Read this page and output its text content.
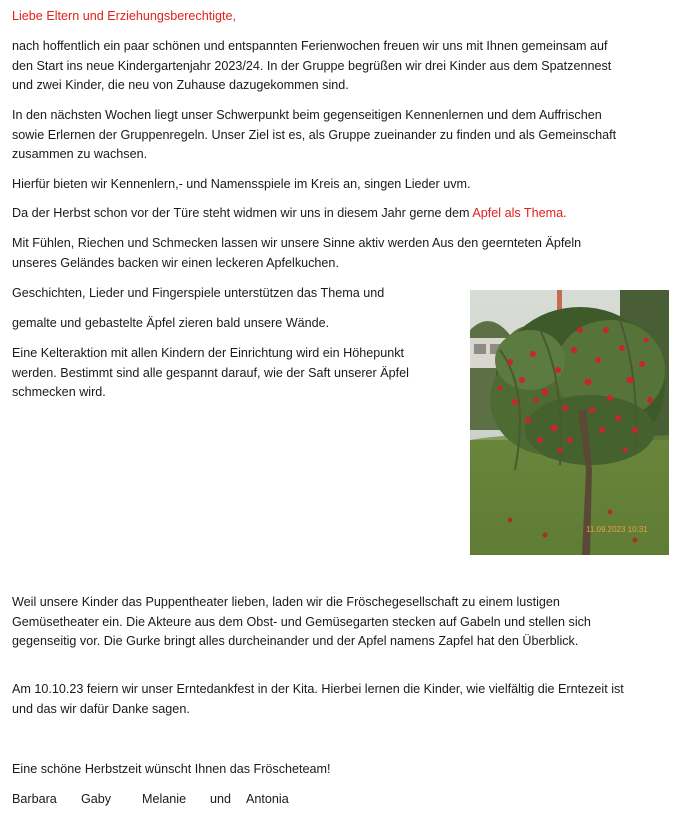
Liebe Eltern und Erziehungsberechtigte,

nach hoffentlich ein paar schönen und entspannten Ferienwochen freuen wir uns mit Ihnen gemeinsam auf den Start ins neue Kindergartenjahr 2023/24. In der Gruppe begrüßen wir drei Kinder aus dem Spatzennest und zwei Kinder, die neu von Zuhause dazugekommen sind.

In den nächsten Wochen liegt unser Schwerpunkt beim gegenseitigen Kennenlernen und dem Auffrischen sowie Erlernen der Gruppenregeln. Unser Ziel ist es, als Gruppe zueinander zu finden und als Gemeinschaft zusammen zu wachsen.

Hierfür bieten wir Kennenlern,- und Namensspiele im Kreis an, singen Lieder uvm.

Da der Herbst schon vor der Türe steht widmen wir uns in diesem Jahr gerne dem Apfel als Thema.

Mit Fühlen, Riechen und Schmecken lassen wir unsere Sinne aktiv werden Aus den geernteten Äpfeln unseres Geländes backen wir einen leckeren Apfelkuchen.

Geschichten, Lieder und Fingerspiele unterstützen das Thema und

gemalte und gebastelte Äpfel zieren bald unsere Wände.

Eine Kelteraktion mit allen Kindern der Einrichtung wird ein Höhepunkt werden. Bestimmt sind alle gespannt darauf, wie der Saft unserer Äpfel schmecken wird.

11.09.2023 10:31

Weil unsere Kinder das Puppentheater lieben, laden wir die Fröschegesellschaft zu einem lustigen Gemüsetheater ein. Die Akteure aus dem Obst- und Gemüsegarten stecken auf Gabeln und stellen sich gegenseitig vor. Die Gurke bringt alles durcheinander und der Apfel namens Zapfel hat den Überblick.

Am 10.10.23 feiern wir unser Erntedankfest in der Kita. Hierbei lernen die Kinder, wie vielfältig die Erntezeit ist und das wir dafür Danke sagen.

Eine schöne Herbstzeit wünscht Ihnen das Fröscheteam!

Barbara Gaby Melanie und Antonia
